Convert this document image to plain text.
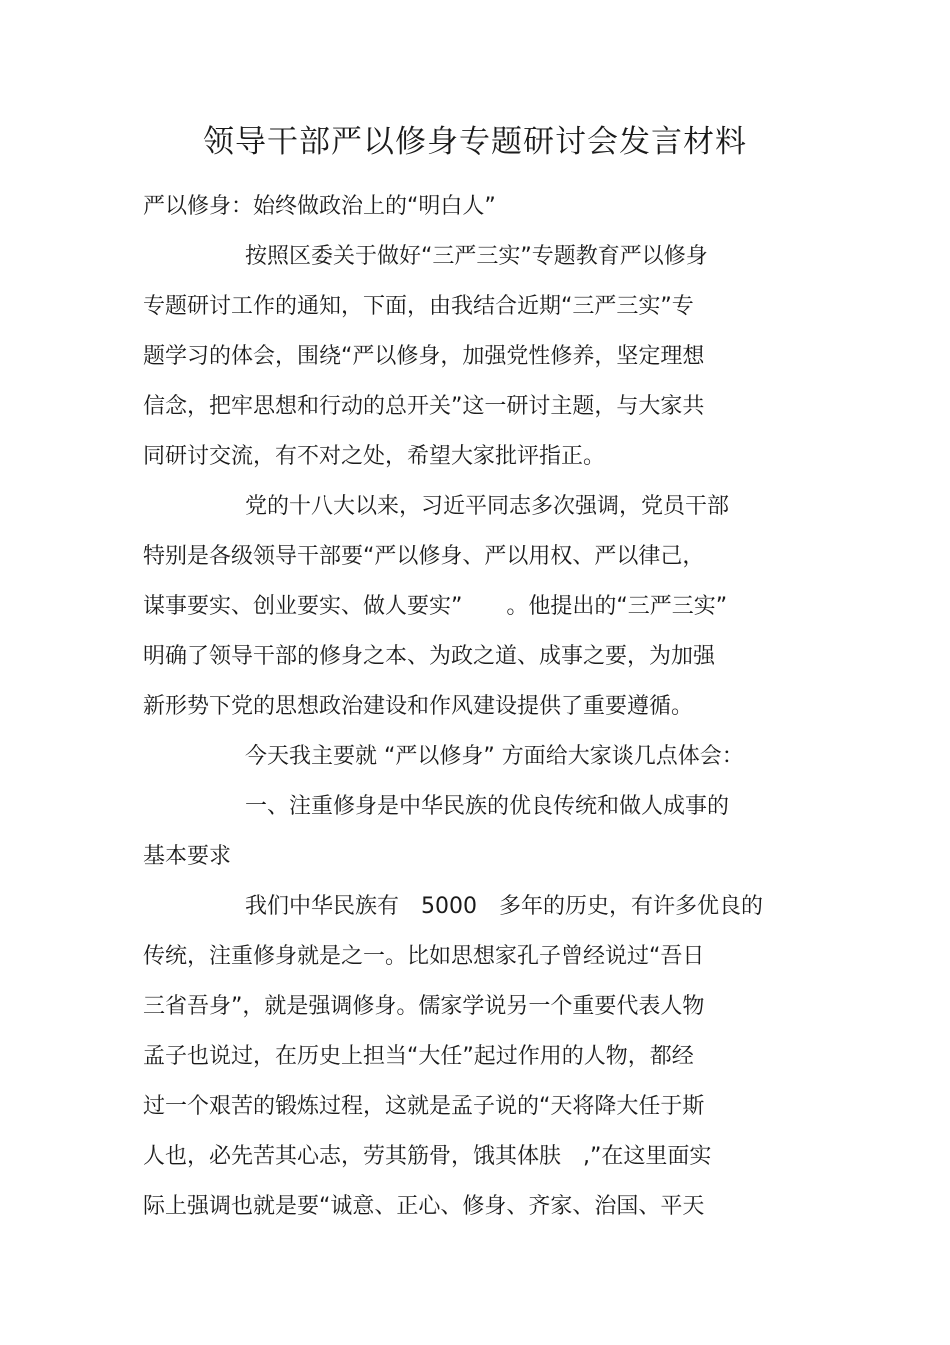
领导干部严以修身专题研讨会发言材料

严以修身：始终做政治上的“明白人”

按照区委关于做好“三严三实”专题教育严以修身

专题研讨工作的通知，下面，由我结合近期“三严三实”专

题学习的体会，围绕“严以修身，加强党性修养，坚定理想

信念，把牢思想和行动的总开关”这一研讨主题，与大家共

同研讨交流，有不对之处，希望大家批评指正。

党的十八大以来，习近平同志多次强调，党员干部

特别是各级领导干部要“严以修身、严以用权、严以律己，

谋事要实、创业要实、做人要实”　　。他提出的“三严三实”

明确了领导干部的修身之本、为政之道、成事之要，为加强

新形势下党的思想政治建设和作风建设提供了重要遵循。

今天我主要就 “严以修身” 方面给大家谈几点体会：

一、注重修身是中华民族的优良传统和做人成事的

基本要求

我们中华民族有　5000　多年的历史，有许多优良的

传统，注重修身就是之一。比如思想家孔子曾经说过“吾日

三省吾身”，就是强调修身。儒家学说另一个重要代表人物

孟子也说过，在历史上担当“大任”起过作用的人物，都经

过一个艰苦的锻炼过程，这就是孟子说的“天将降大任于斯

人也，必先苦其心志，劳其筋骨，饿其体肤　,”在这里面实

际上强调也就是要“诚意、正心、修身、齐家、治国、平天
